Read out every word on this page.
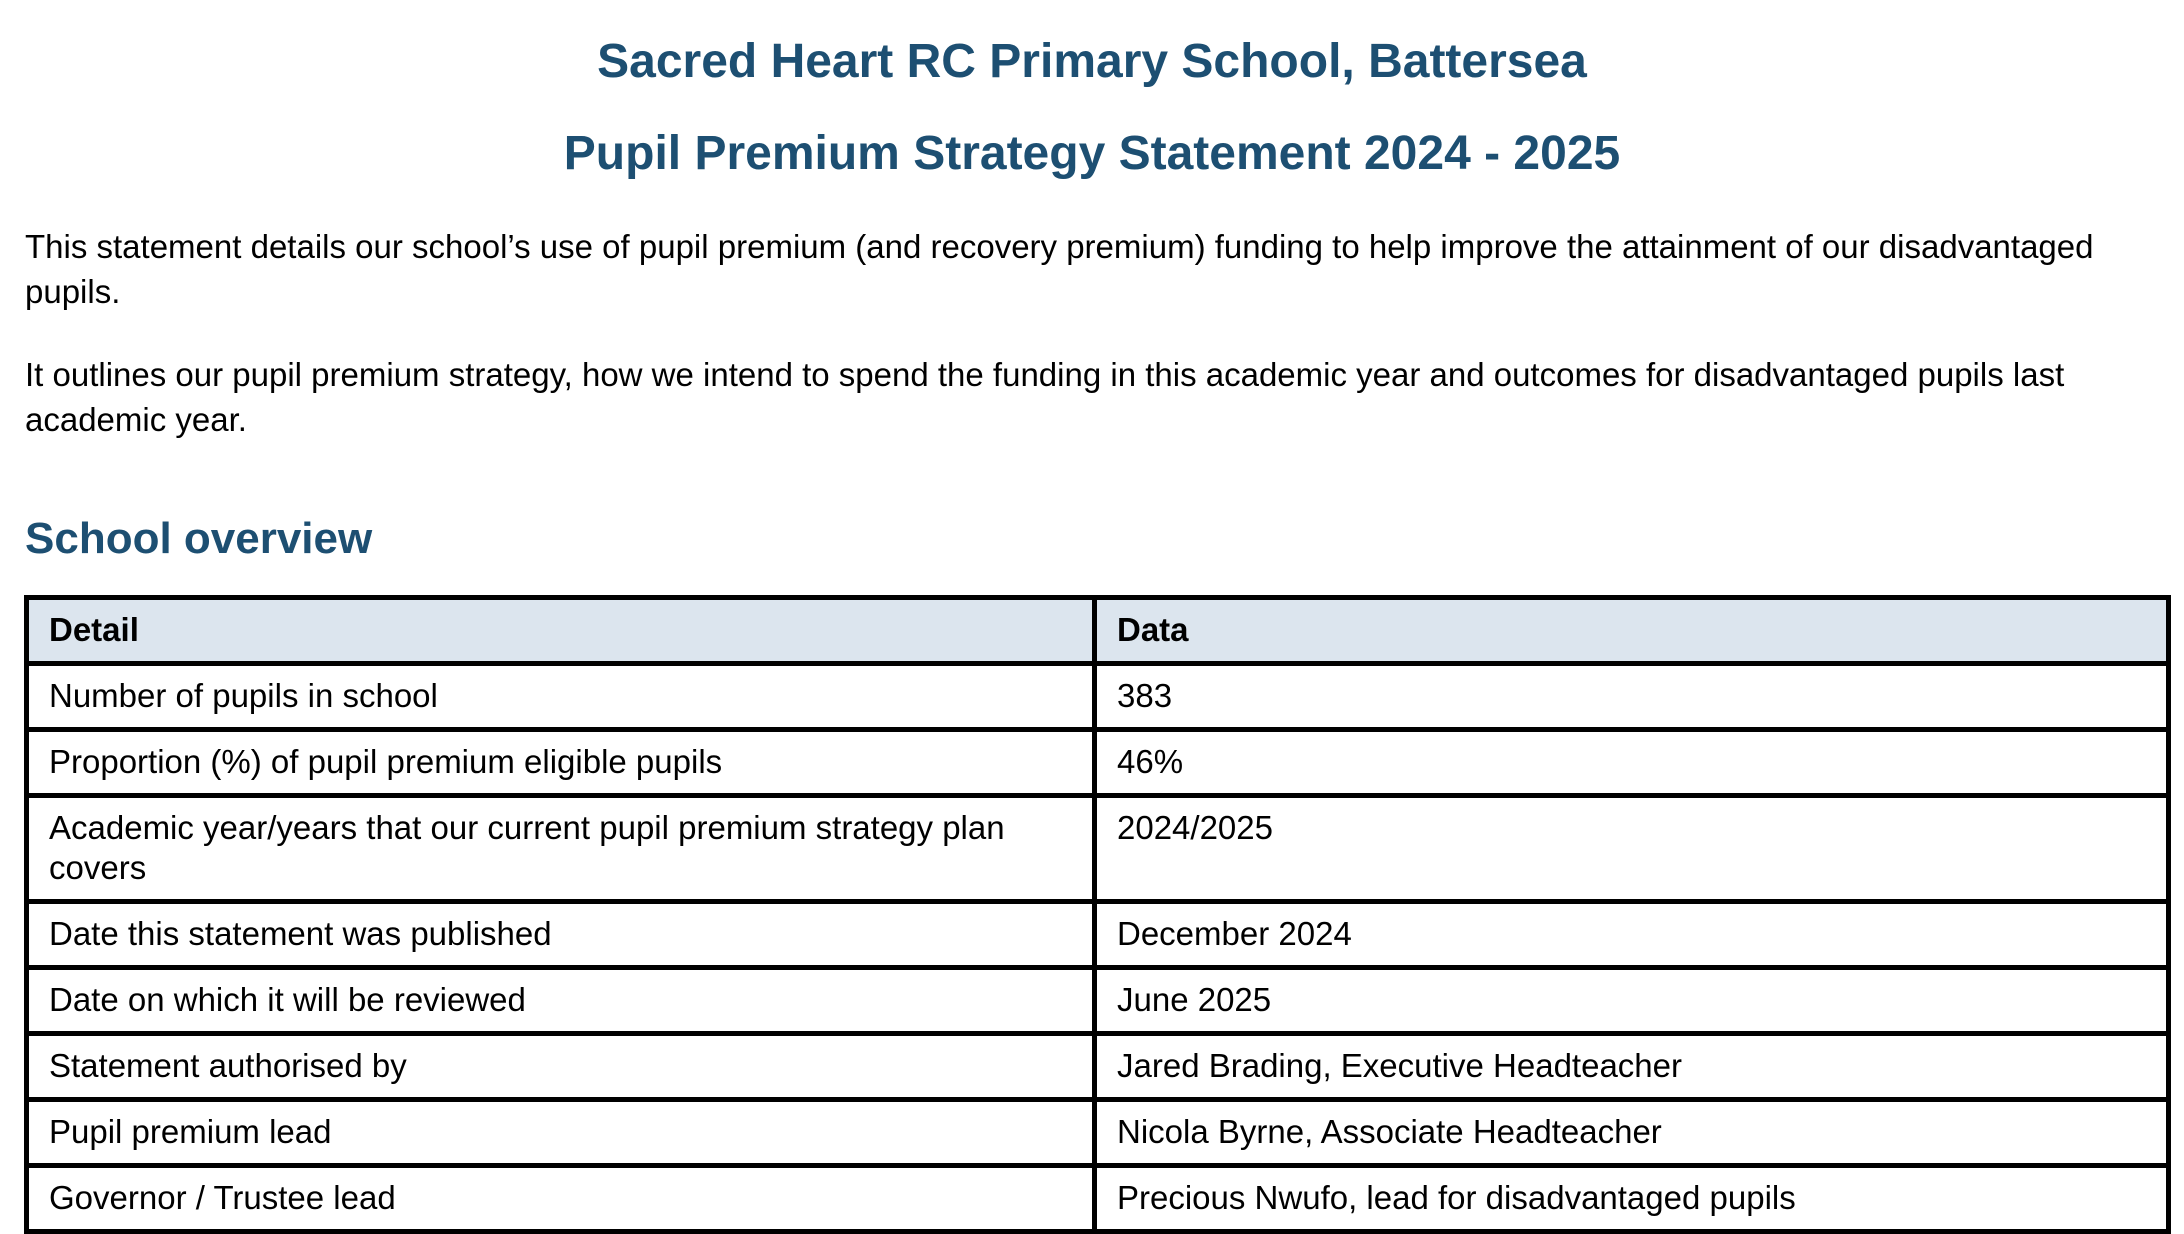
Sacred Heart RC Primary School, Battersea
Pupil Premium Strategy Statement 2024 - 2025

This statement details our school’s use of pupil premium (and recovery premium) funding to help improve the attainment of our disadvantaged pupils.

It outlines our pupil premium strategy, how we intend to spend the funding in this academic year and outcomes for disadvantaged pupils last academic year.

School overview
Detail	Data
Number of pupils in school	383
Proportion (%) of pupil premium eligible pupils	46%
Academic year/years that our current pupil premium strategy plan covers	2024/2025
Date this statement was published	December 2024
Date on which it will be reviewed	June 2025
Statement authorised by	Jared Brading, Executive Headteacher
Pupil premium lead	Nicola Byrne, Associate Headteacher
Governor / Trustee lead	Precious Nwufo, lead for disadvantaged pupils
